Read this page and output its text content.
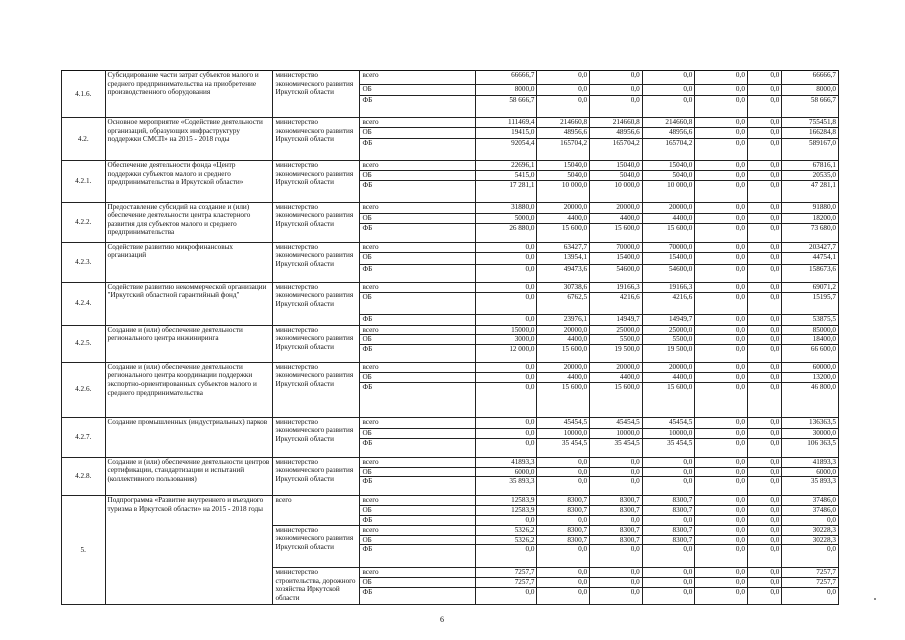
4.1.6.	Субсидирование части затрат субъектов малого и среднего предпринимательства на приобретение производственного оборудования	министерство экономического развития Иркутской области	всего	66666,7	0,0	0,0	0,0	0,0	0,0	66666,7
			ОБ	8000,0	0,0	0,0	0,0	0,0	0,0	8000,0
			ФБ	58 666,7	0,0	0,0	0,0	0,0	0,0	58 666,7
4.2.	Основное мероприятие «Содействие деятельности организаций, образующих инфраструктуру поддержки СМСП» на 2015 - 2018 годы	министерство экономического развития Иркутской области	всего	111469,4	214660,8	214660,8	214660,8	0,0	0,0	755451,8
			ОБ	19415,0	48956,6	48956,6	48956,6	0,0	0,0	166284,8
			ФБ	92054,4	165704,2	165704,2	165704,2	0,0	0,0	589167,0
4.2.1.	Обеспечение деятельности фонда «Центр поддержки субъектов малого и среднего предпринимательства в Иркутской области»	министерство экономического развития Иркутской области	всего	22696,1	15040,0	15040,0	15040,0	0,0	0,0	67816,1
			ОБ	5415,0	5040,0	5040,0	5040,0	0,0	0,0	20535,0
			ФБ	17 281,1	10 000,0	10 000,0	10 000,0	0,0	0,0	47 281,1
4.2.2.	Предоставление субсидий на создание и (или) обеспечение деятельности центра кластерного развития для субъектов малого и среднего предпринимательства	министерство экономического развития Иркутской области	всего	31880,0	20000,0	20000,0	20000,0	0,0	0,0	91880,0
			ОБ	5000,0	4400,0	4400,0	4400,0	0,0	0,0	18200,0
			ФБ	26 880,0	15 600,0	15 600,0	15 600,0	0,0	0,0	73 680,0
4.2.3.	Содействие развитию микрофинансовых организаций	министерство экономического развития Иркутской области	всего	0,0	63427,7	70000,0	70000,0	0,0	0,0	203427,7
			ОБ	0,0	13954,1	15400,0	15400,0	0,0	0,0	44754,1
			ФБ	0,0	49473,6	54600,0	54600,0	0,0	0,0	158673,6
4.2.4.	Содействие развитию некоммерческой организации "Иркутский областной гарантийный фонд"	министерство экономического развития Иркутской области	всего	0,0	30738,6	19166,3	19166,3	0,0	0,0	69071,2
			ОБ	0,0	6762,5	4216,6	4216,6	0,0	0,0	15195,7
			ФБ	0,0	23976,1	14949,7	14949,7	0,0	0,0	53875,5
4.2.5.	Создание и (или) обеспечение деятельности регионального центра инжиниринга	министерство экономического развития Иркутской области	всего	15000,0	20000,0	25000,0	25000,0	0,0	0,0	85000,0
			ОБ	3000,0	4400,0	5500,0	5500,0	0,0	0,0	18400,0
			ФБ	12 000,0	15 600,0	19 500,0	19 500,0	0,0	0,0	66 600,0
4.2.6.	Создание и (или) обеспечение деятельности регионального центра координации поддержки экспортно-ориентированных субъектов малого и среднего предпринимательства	министерство экономического развития Иркутской области	всего	0,0	20000,0	20000,0	20000,0	0,0	0,0	60000,0
			ОБ	0,0	4400,0	4400,0	4400,0	0,0	0,0	13200,0
			ФБ	0,0	15 600,0	15 600,0	15 600,0	0,0	0,0	46 800,0
4.2.7.	Создание промышленных (индустриальных) парков	министерство экономического развития Иркутской области	всего	0,0	45454,5	45454,5	45454,5	0,0	0,0	136363,5
			ОБ	0,0	10000,0	10000,0	10000,0	0,0	0,0	30000,0
			ФБ	0,0	35 454,5	35 454,5	35 454,5	0,0	0,0	106 363,5
4.2.8.	Создание и (или) обеспечение деятельности центров сертификации, стандартизации и испытаний (коллективного пользования)	министерство экономического развития Иркутской области	всего	41893,3	0,0	0,0	0,0	0,0	0,0	41893,3
			ОБ	6000,0	0,0	0,0	0,0	0,0	0,0	6000,0
			ФБ	35 893,3	0,0	0,0	0,0	0,0	0,0	35 893,3
5.	Подпрограмма «Развитие внутреннего и въездного туризма в Иркутской области» на 2015 - 2018 годы	всего	всего	12583,9	8300,7	8300,7	8300,7	0,0	0,0	37486,0
			ОБ	12583,9	8300,7	8300,7	8300,7	0,0	0,0	37486,0
			ФБ	0,0	0,0	0,0	0,0	0,0	0,0	0,0
		министерство экономического развития Иркутской области	всего	5326,2	8300,7	8300,7	8300,7	0,0	0,0	30228,3
			ОБ	5326,2	8300,7	8300,7	8300,7	0,0	0,0	30228,3
			ФБ	0,0	0,0	0,0	0,0	0,0	0,0	0,0
		министерство строительства, дорожного хозяйства Иркутской области	всего	7257,7	0,0	0,0	0,0	0,0	0,0	7257,7
			ОБ	7257,7	0,0	0,0	0,0	0,0	0,0	7257,7
			ФБ	0,0	0,0	0,0	0,0	0,0	0,0	0,0
6
